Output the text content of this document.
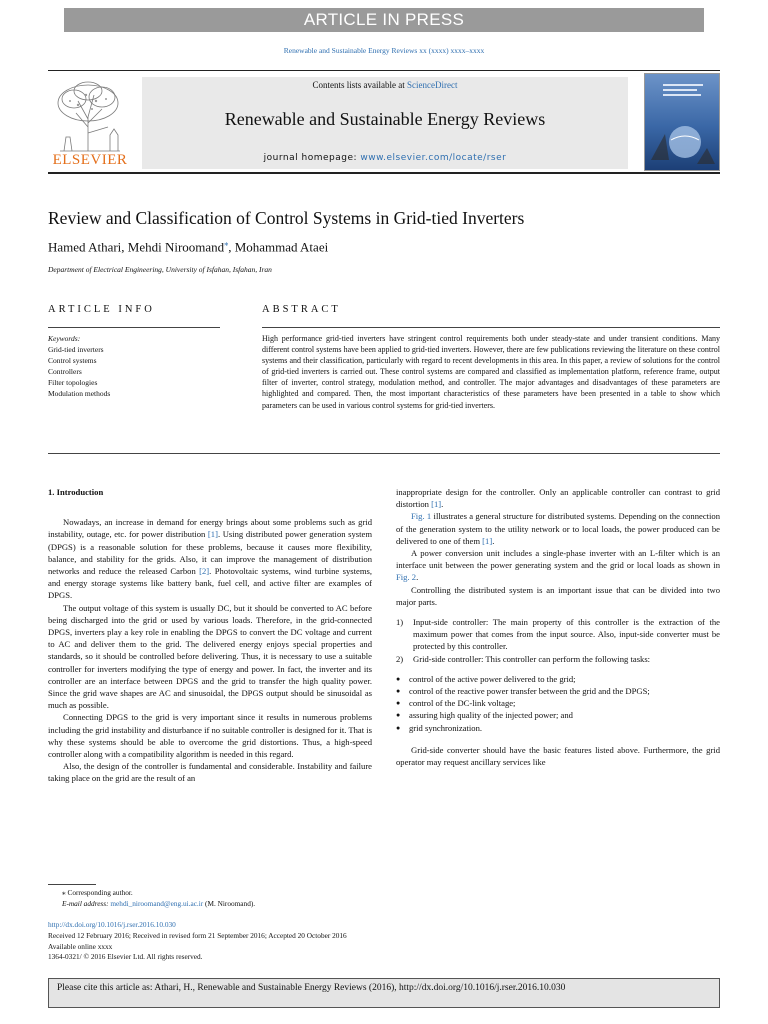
ARTICLE IN PRESS
Renewable and Sustainable Energy Reviews xx (xxxx) xxxx–xxxx
ELSEVIER
Contents lists available at ScienceDirect
Renewable and Sustainable Energy Reviews
journal homepage: www.elsevier.com/locate/rser
Review and Classification of Control Systems in Grid-tied Inverters
Hamed Athari, Mehdi Niroomand⁎, Mohammad Ataei
Department of Electrical Engineering, University of Isfahan, Isfahan, Iran
ARTICLE INFO	ABSTRACT
Keywords:
Grid-tied inverters
Control systems
Controllers
Filter topologies
Modulation methods
High performance grid-tied inverters have stringent control requirements both under steady-state and under transient conditions. Many different control systems have been applied to grid-tied inverters. However, there are few publications reviewing the literature on these control systems and their classification, particularly with regard to recent developments in this area. In this paper, a review of solutions for the control of grid-tied inverters is carried out. These control systems are compared and classified as implementation platform, reference frame, output filter of inverter, control strategy, modulation method, and controller. The major advantages and disadvantages of these parameters are highlighted and compared. Then, the most important characteristics of these parameters have been presented in a table to show which parameters can be used in various control systems for grid-tied inverters.
1. Introduction

Nowadays, an increase in demand for energy brings about some problems such as grid instability, outage, etc. for power distribution [1]. Using distributed power generation system (DPGS) is a reasonable solution for these problems, because it causes more flexibility, balance, and stability for the grids. Also, it can improve the management of distribution networks and reduce the released Carbon [2]. Photovoltaic systems, wind turbine systems, and energy storage systems like battery bank, fuel cell, and active filter are examples of DPGS.

The output voltage of this system is usually DC, but it should be converted to AC before being discharged into the grid or used by various loads. Therefore, in the grid-connected DPGS, inverters play a key role in enabling the DPGS to convert the DC voltage and current to AC and deliver them to the grid. The delivered energy enjoys special properties and standards, so it should be controlled before delivering. Thus, it is necessary to use a suitable controller for inverters modifying the type of energy and power. In fact, the inverter and its controller are an interface between DPGS and the grid to transfer the high quality power. Since the grid wave shapes are AC and sinusoidal, the DPGS output should be sinusoidal as much as possible.

Connecting DPGS to the grid is very important since it results in numerous problems including the grid instability and disturbance if no suitable controller is designed for it. That is why these systems should be able to overcome the grid distortions. Thus, a high-speed controller along with a compatibility algorithm is needed in this regard.

Also, the design of the controller is fundamental and considerable. Instability and failure taking place on the grid are the result of an

inappropriate design for the controller. Only an applicable controller can contrast to grid distortion [1].

Fig. 1 illustrates a general structure for distributed systems. Depending on the connection of the generation system to the utility network or to local loads, the power produced can be delivered to one of them [1].

A power conversion unit includes a single-phase inverter with an L-filter which is an interface unit between the power generating system and the grid or local loads as shown in Fig. 2.

Controlling the distributed system is an important issue that can be divided into two major parts.

1) Input-side controller: The main property of this controller is the extraction of the maximum power that comes from the input source. Also, input-side converter must be protected by this controller.
2) Grid-side controller: This controller can perform the following tasks:
● control of the active power delivered to the grid;
● control of the reactive power transfer between the grid and the DPGS;
● control of the DC-link voltage;
● assuring high quality of the injected power; and
● grid synchronization.

Grid-side converter should have the basic features listed above. Furthermore, the grid operator may request ancillary services like

⁎ Corresponding author.
E-mail address: mehdi_niroomand@eng.ui.ac.ir (M. Niroomand).
http://dx.doi.org/10.1016/j.rser.2016.10.030
Received 12 February 2016; Received in revised form 21 September 2016; Accepted 20 October 2016
Available online xxxx
1364-0321/ © 2016 Elsevier Ltd. All rights reserved.
Please cite this article as: Athari, H., Renewable and Sustainable Energy Reviews (2016), http://dx.doi.org/10.1016/j.rser.2016.10.030
